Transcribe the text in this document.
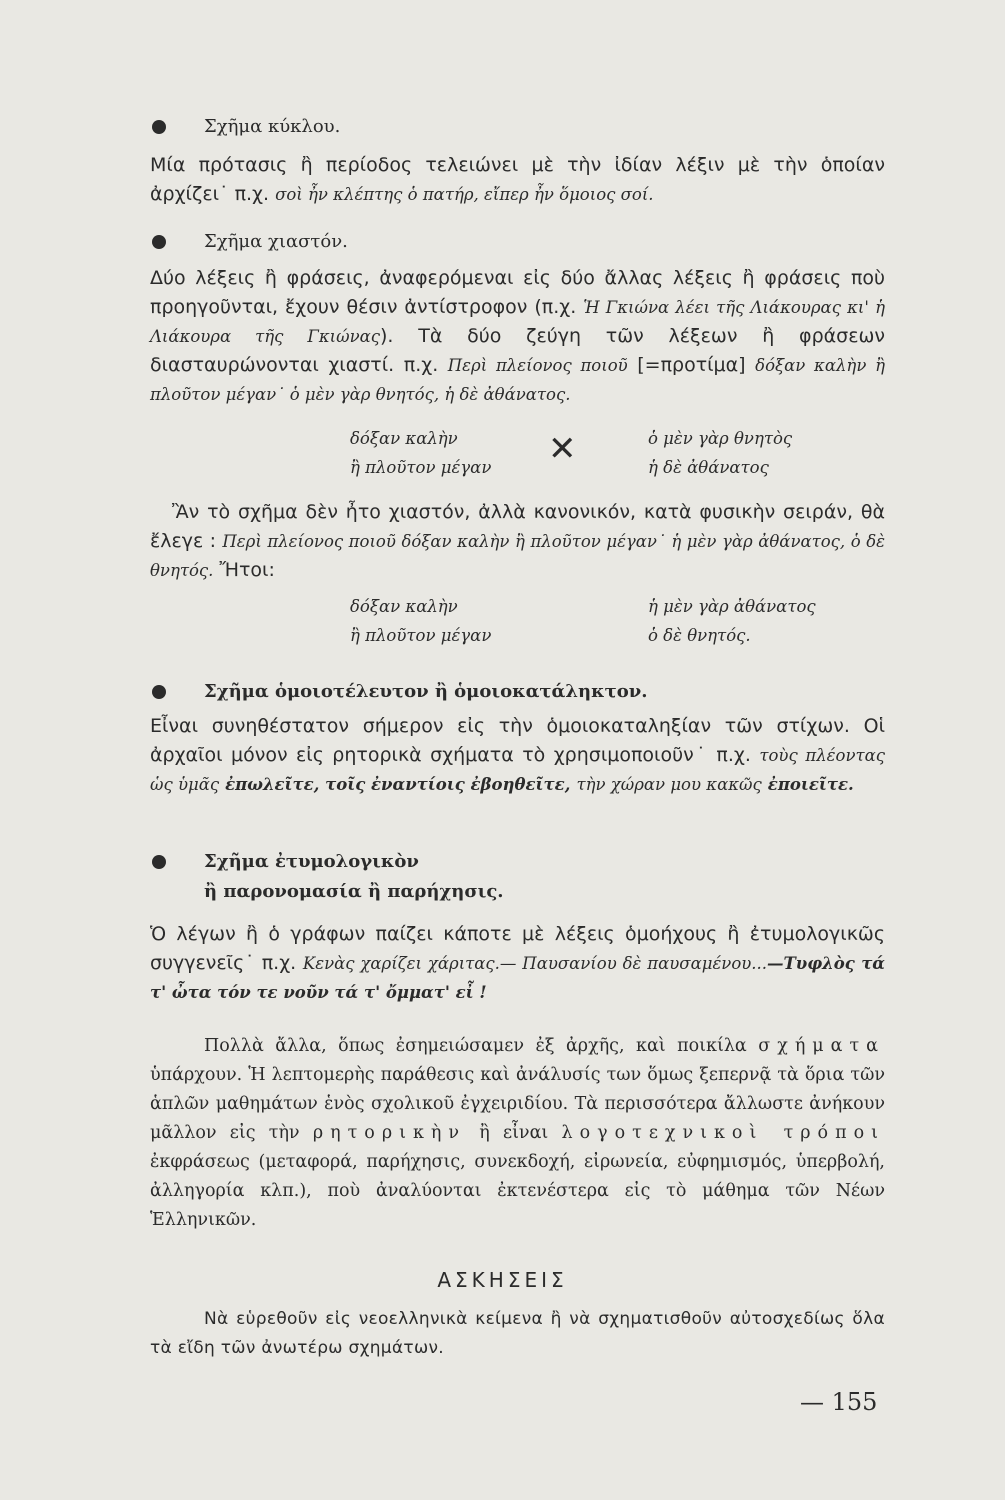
Σχῆμα κύκλου.

Μία πρότασις ἢ περίοδος τελειώνει μὲ τὴν ἰδίαν λέξιν μὲ τὴν ὁποίαν ἀρχίζει˙ π.χ. σοὶ ἦν κλέπτης ὁ πατήρ, εἴπερ ἦν ὅμοιος σοί.

Σχῆμα χιαστόν.

Δύο λέξεις ἢ φράσεις, ἀναφερόμεναι εἰς δύο ἄλλας λέξεις ἢ φράσεις ποὺ προηγοῦνται, ἔχουν θέσιν ἀντίστροφον (π.χ. Ἡ Γκιώνα λέει τῆς Λιάκουρας κι' ἡ Λιάκουρα τῆς Γκιώνας). Τὰ δύο ζεύγη τῶν λέξεων ἢ φράσεων διασταυρώνονται χιαστί. π.χ. Περὶ πλείονος ποιοῦ [=προτίμα] δόξαν καλὴν ἢ πλοῦτον μέγαν˙ ὁ μὲν γὰρ θνητός, ἡ δὲ ἀθάνατος.

δόξαν καλὴν
ἢ πλοῦτον μέγαν ✕	ὁ μὲν γὰρ θνητὸς
ἡ δὲ ἀθάνατος

Ἂν τὸ σχῆμα δὲν ἦτο χιαστόν, ἀλλὰ κανονικόν, κατὰ φυσικὴν σειράν, θὰ ἔλεγε : Περὶ πλείονος ποιοῦ δόξαν καλὴν ἢ πλοῦτον μέγαν˙ ἡ μὲν γὰρ ἀθάνατος, ὁ δὲ θνητός. Ἤτοι:

δόξαν καλὴν
ἢ πλοῦτον μέγαν
ἡ μὲν γὰρ ἀθάνατος
ὁ δὲ θνητός.

Σχῆμα ὁμοιοτέλευτον ἢ ὁμοιοκατάληκτον.

Εἶναι συνηθέστατον σήμερον εἰς τὴν ὁμοιοκαταληξίαν τῶν στίχων. Οἱ ἀρχαῖοι μόνον εἰς ρητορικὰ σχήματα τὸ χρησιμοποιοῦν˙ π.χ. τοὺς πλέοντας ὡς ὑμᾶς ἐπωλεῖτε, τοῖς ἐναντίοις ἐβοηθεῖτε, τὴν χώραν μου κακῶς ἐποιεῖτε.

Σχῆμα ἐτυμολογικὸν

ἢ παρονομασία ἢ παρήχησις.

Ὁ λέγων ἢ ὁ γράφων παίζει κάποτε μὲ λέξεις ὁμοήχους ἢ ἐτυμολογικῶς συγγενεῖς˙ π.χ. Κενὰς χαρίζει χάριτας.— Παυσανίου δὲ παυσαμένου...—Τυφλὸς τά τ' ὦτα τόν τε νοῦν τά τ' ὄμματ' εἶ !

Πολλὰ ἄλλα, ὅπως ἐσημειώσαμεν ἐξ ἀρχῆς, καὶ ποικίλα σχήματα ὑπάρχουν. Ἡ λεπτομερὴς παράθεσις καὶ ἀνάλυσίς των ὅμως ξεπερνᾷ τὰ ὅρια τῶν ἁπλῶν μαθημάτων ἑνὸς σχολικοῦ ἐγχειριδίου. Τὰ περισσότερα ἄλλωστε ἀνήκουν μᾶλλον εἰς τὴν ρητορικὴν ἢ εἶναι λογοτεχνικοὶ τρόποι ἐκφράσεως (μεταφορά, παρήχησις, συνεκδοχή, εἰρωνεία, εὐφημισμός, ὑπερβολή, ἀλληγορία κλπ.), ποὺ ἀναλύονται ἐκτενέστερα εἰς τὸ μάθημα τῶν Νέων Ἑλληνικῶν.

ΑΣΚΗΣΕΙΣ

Νὰ εὑρεθοῦν εἰς νεοελληνικὰ κείμενα ἢ νὰ σχηματισθοῦν αὐτοσχεδίως ὅλα τὰ εἴδη τῶν ἀνωτέρω σχημάτων.

— 155
